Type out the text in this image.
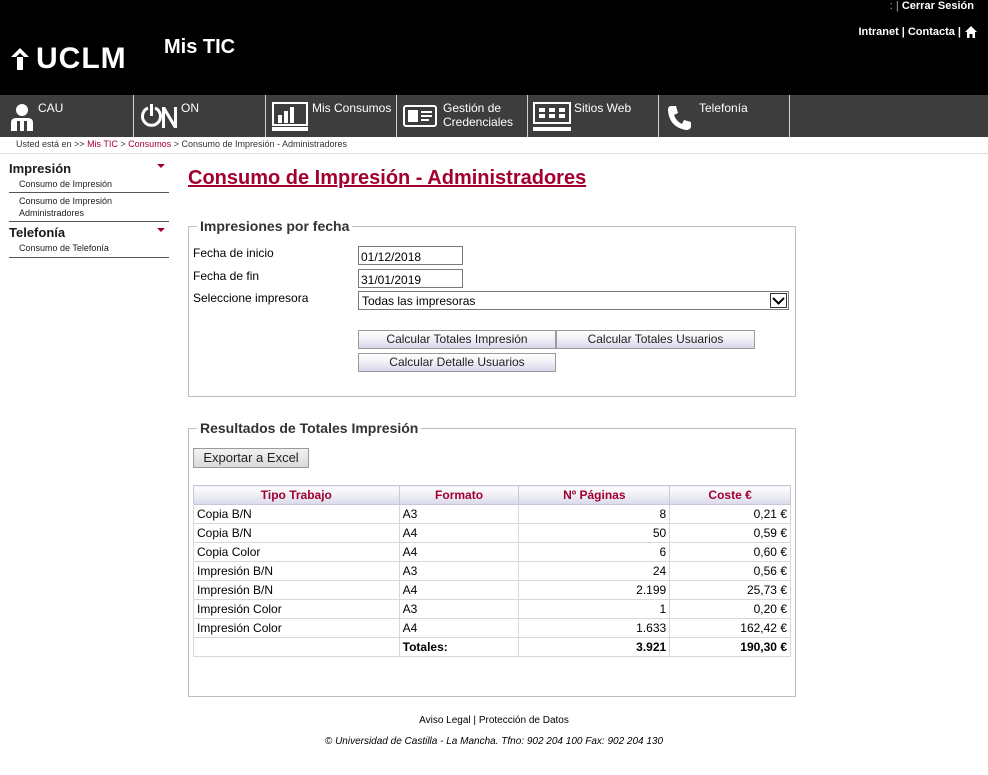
UCLM Mis TIC
: | Cerrar Sesión
Intranet | Contacta |
CAU	ON	Mis Consumos	Gestión de Credenciales
Sitios Web	Telefonía
Usted está en >> Mis TIC > Consumos > Consumo de Impresión - Administradores
Impresión
Consumo de Impresión
Consumo de Impresión Administradores
Telefonía
Consumo de Telefonía
Consumo de Impresión - Administradores
Impresiones por fecha
Fecha de inicio
01/12/2018
Fecha de fin
31/01/2019
Seleccione impresora	Todas las impresoras
Calcular Totales Impresión	Calcular Totales Usuarios
Calcular Detalle Usuarios
Resultados de Totales Impresión
Exportar a Excel
Tipo Trabajo	Formato	Nº Páginas	Coste €
Copia B/N	A3	8	0,21 €
Copia B/N	A4	50	0,59 €
Copia Color	A4	6	0,60 €
Impresión B/N	A3	24	0,56 €
Impresión B/N	A4	2.199	25,73 €
Impresión Color	A3	1	0,20 €
Impresión Color	A4	1.633	162,42 €
	Totales:	3.921	190,30 €
Aviso Legal | Protección de Datos
© Universidad de Castilla - La Mancha. Tfno: 902 204 100 Fax: 902 204 130
